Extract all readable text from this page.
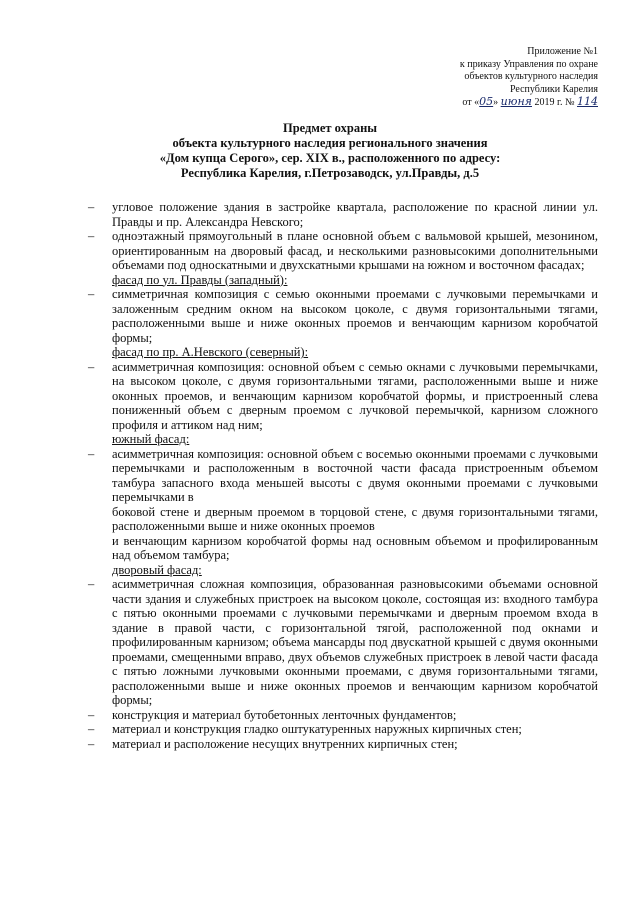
Приложение №1
к приказу Управления по охране
объектов культурного наследия
Республики Карелия
от «05» июня 2019 г. № 114
Предмет охраны
объекта культурного наследия регионального значения
«Дом купца Серого», сер. XIX в., расположенного по адресу:
Республика Карелия, г.Петрозаводск, ул.Правды, д.5

– угловое положение здания в застройке квартала, расположение по красной линии ул. Правды и пр. Александра Невского;

– одноэтажный прямоугольный в плане основной объем с вальмовой крышей, мезонином, ориентированным на дворовый фасад, и несколькими разновысокими дополнительными объемами под односкатными и двухскатными крышами на южном и восточном фасадах;

фасад по ул. Правды (западный):

– симметричная композиция с семью оконными проемами с лучковыми перемычками и заложенным средним окном на высоком цоколе, с двумя горизонтальными тягами, расположенными выше и ниже оконных проемов и венчающим карнизом коробчатой формы;

фасад по пр. А.Невского (северный):

– асимметричная композиция: основной объем с семью окнами с лучковыми перемычками, на высоком цоколе, с двумя горизонтальными тягами, расположенными выше и ниже оконных проемов, и венчающим карнизом коробчатой формы, и пристроенный слева пониженный объем с дверным проемом с лучковой перемычкой, карнизом сложного профиля и аттиком над ним;

южный фасад:

– асимметричная композиция: основной объем с восемью оконными проемами с лучковыми перемычками и расположенным в восточной части фасада пристроенным объемом тамбура запасного входа меньшей высоты с двумя оконными проемами с лучковыми перемычками в

боковой стене и дверным проемом в торцовой стене, с двумя горизонтальными тягами, расположенными выше и ниже оконных проемов

и венчающим карнизом коробчатой формы над основным объемом и профилированным над объемом тамбура;

дворовый фасад:

– асимметричная сложная композиция, образованная разновысокими объемами основной части здания и служебных пристроек на высоком цоколе, состоящая из: входного тамбура с пятью оконными проемами с лучковыми перемычками и дверным проемом входа в здание в правой части, с горизонтальной тягой, расположенной под окнами и профилированным карнизом; объема мансарды под двускатной крышей с двумя оконными проемами, смещенными вправо, двух объемов служебных пристроек в левой части фасада с пятью ложными лучковыми оконными проемами, с двумя горизонтальными тягами, расположенными выше и ниже оконных проемов и венчающим карнизом коробчатой формы;

– конструкция и материал бутобетонных ленточных фундаментов;

– материал и конструкция гладко оштукатуренных наружных кирпичных стен;

– материал и расположение несущих внутренних кирпичных стен;
